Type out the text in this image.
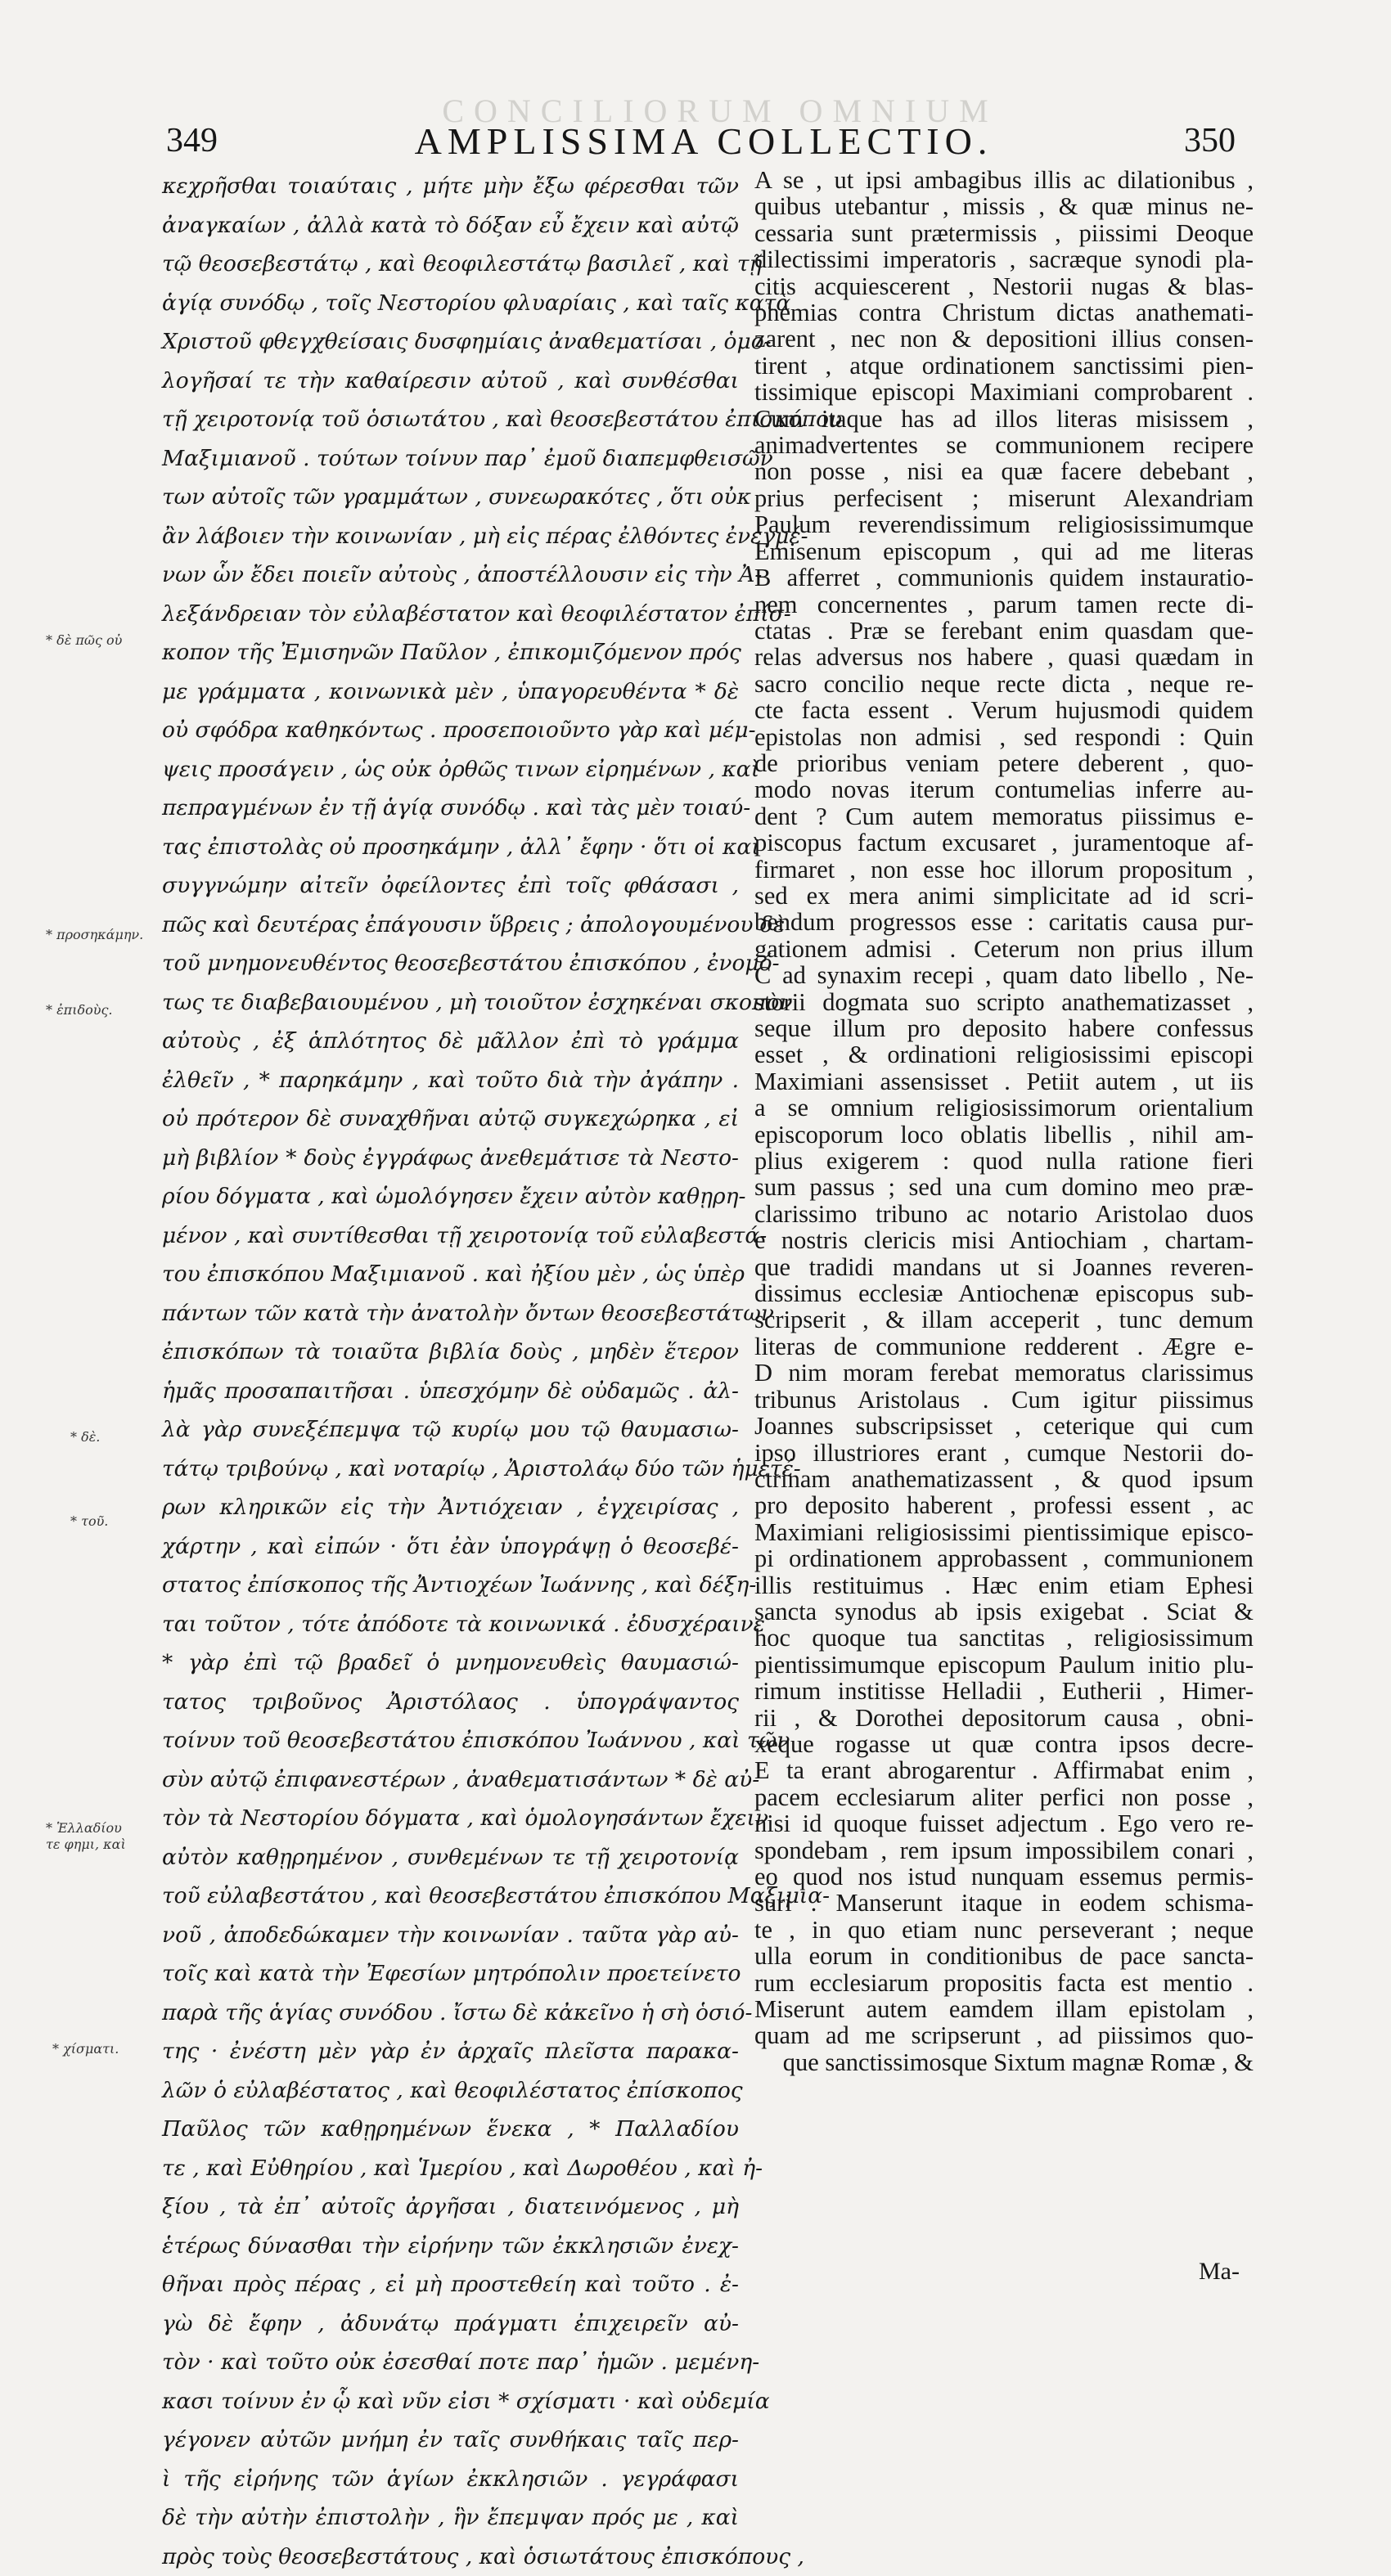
CONCILIORUM OMNIUM
349	AMPLISSIMA COLLECTIO.	350
* δὲ πῶς οὐ
* προσηκάμην.
* ἐπιδοὺς.
* δὲ.
* τοῦ.
* Ἑλλαδίου τε φημι, καὶ
* χίσματι.
κεχρῆσθαι τοιαύταις , μήτε μὴν ἔξω φέρεσθαι τῶν
ἀναγκαίων , ἀλλὰ κατὰ τὸ δόξαν εὖ ἔχειν καὶ αὐτῷ
τῷ θεοσεβεστάτῳ , καὶ θεοφιλεστάτῳ βασιλεῖ , καὶ τῇ
ἁγίᾳ συνόδῳ , τοῖς Νεστορίου φλυαρίαις , καὶ ταῖς κατὰ
Χριστοῦ φθεγχθείσαις δυσφημίαις ἀναθεματίσαι , ὁμο-
λογῆσαί τε τὴν καθαίρεσιν αὐτοῦ , καὶ συνθέσθαι
τῇ χειροτονίᾳ τοῦ ὁσιωτάτου , καὶ θεοσεβεστάτου ἐπισκόπου
Μαξιμιανοῦ . τούτων τοίνυν παρ᾿ ἐμοῦ διαπεμφθεισῶν
των αὐτοῖς τῶν γραμμάτων , συνεωρακότες , ὅτι οὐκ
ἂν λάβοιεν τὴν κοινωνίαν , μὴ εἰς πέρας ἐλθόντες ἐνεγμέ-
νων ὧν ἔδει ποιεῖν αὐτοὺς , ἀποστέλλουσιν εἰς τὴν Ἀ-
λεξάνδρειαν τὸν εὐλαβέστατον καὶ θεοφιλέστατον ἐπίσ-
κοπον τῆς Ἐμισηνῶν Παῦλον , ἐπικομιζόμενον πρός
με γράμματα , κοινωνικὰ μὲν , ὑπαγορευθέντα * δὲ
οὐ σφόδρα καθηκόντως . προσεποιοῦντο γὰρ καὶ μέμ-
ψεις προσάγειν , ὡς οὐκ ὀρθῶς τινων εἰρημένων , καὶ
πεπραγμένων ἐν τῇ ἁγίᾳ συνόδῳ . καὶ τὰς μὲν τοιαύ-
τας ἐπιστολὰς οὐ προσηκάμην , ἀλλ᾿ ἔφην · ὅτι οἱ καὶ
συγγνώμην αἰτεῖν ὀφείλοντες ἐπὶ τοῖς φθάσασι ,
πῶς καὶ δευτέρας ἐπάγουσιν ὕβρεις ; ἀπολογουμένου δὲ
τοῦ μνημονευθέντος θεοσεβεστάτου ἐπισκόπου , ἐνομό-
τως τε διαβεβαιουμένου , μὴ τοιοῦτον ἐσχηκέναι σκοπὸν
αὐτοὺς , ἐξ ἁπλότητος δὲ μᾶλλον ἐπὶ τὸ γράμμα
ἐλθεῖν , * παρηκάμην , καὶ τοῦτο διὰ τὴν ἀγάπην .
οὐ πρότερον δὲ συναχθῆναι αὐτῷ συγκεχώρηκα , εἰ
μὴ βιβλίον * δοὺς ἐγγράφως ἀνεθεμάτισε τὰ Νεστο-
ρίου δόγματα , καὶ ὡμολόγησεν ἔχειν αὐτὸν καθῃρη-
μένον , καὶ συντίθεσθαι τῇ χειροτονίᾳ τοῦ εὐλαβεστά-
του ἐπισκόπου Μαξιμιανοῦ . καὶ ἠξίου μὲν , ὡς ὑπὲρ
πάντων τῶν κατὰ τὴν ἀνατολὴν ὄντων θεοσεβεστάτων
ἐπισκόπων τὰ τοιαῦτα βιβλία δοὺς , μηδὲν ἕτερον
ἡμᾶς προσαπαιτῆσαι . ὑπεσχόμην δὲ οὐδαμῶς . ἀλ-
λὰ γὰρ συνεξέπεμψα τῷ κυρίῳ μου τῷ θαυμασιω-
τάτῳ τριβούνῳ , καὶ νοταρίῳ , Ἀριστολάῳ δύο τῶν ἡμετέ-
ρων κληρικῶν εἰς τὴν Ἀντιόχειαν , ἐγχειρίσας ,
χάρτην , καὶ εἰπών · ὅτι ἐὰν ὑπογράψῃ ὁ θεοσεβέ-
στατος ἐπίσκοπος τῆς Ἀντιοχέων Ἰωάννης , καὶ δέξη-
ται τοῦτον , τότε ἀπόδοτε τὰ κοινωνικά . ἐδυσχέραινε
* γὰρ ἐπὶ τῷ βραδεῖ ὁ μνημονευθεὶς θαυμασιώ-
τατος τριβοῦνος Ἀριστόλαος . ὑπογράψαντος
τοίνυν τοῦ θεοσεβεστάτου ἐπισκόπου Ἰωάννου , καὶ τῶν
σὺν αὐτῷ ἐπιφανεστέρων , ἀναθεματισάντων * δὲ αὐ-
τὸν τὰ Νεστορίου δόγματα , καὶ ὁμολογησάντων ἔχειν
αὐτὸν καθῃρημένον , συνθεμένων τε τῇ χειροτονίᾳ
τοῦ εὐλαβεστάτου , καὶ θεοσεβεστάτου ἐπισκόπου Μαξιμια-
νοῦ , ἀποδεδώκαμεν τὴν κοινωνίαν . ταῦτα γὰρ αὐ-
τοῖς καὶ κατὰ τὴν Ἐφεσίων μητρόπολιν προετείνετο
παρὰ τῆς ἁγίας συνόδου . ἴστω δὲ κἀκεῖνο ἡ σὴ ὁσιό-
της · ἐνέστη μὲν γὰρ ἐν ἀρχαῖς πλεῖστα παρακα-
λῶν ὁ εὐλαβέστατος , καὶ θεοφιλέστατος ἐπίσκοπος
Παῦλος τῶν καθῃρημένων ἕνεκα , * Παλλαδίου
τε , καὶ Εὐθηρίου , καὶ Ἱμερίου , καὶ Δωροθέου , καὶ ἠ-
ξίου , τὰ ἐπ᾿ αὐτοῖς ἀργῆσαι , διατεινόμενος , μὴ
ἑτέρως δύνασθαι τὴν εἰρήνην τῶν ἐκκλησιῶν ἐνεχ-
θῆναι πρὸς πέρας , εἰ μὴ προστεθείη καὶ τοῦτο . ἐ-
γὼ δὲ ἔφην , ἀδυνάτῳ πράγματι ἐπιχειρεῖν αὐ-
τὸν · καὶ τοῦτο οὐκ ἐσεσθαί ποτε παρ᾿ ἡμῶν . μεμένη-
κασι τοίνυν ἐν ᾧ καὶ νῦν εἰσι * σχίσματι · καὶ οὐδεμία
γέγονεν αὐτῶν μνήμη ἐν ταῖς συνθήκαις ταῖς περ-
ὶ τῆς εἰρήνης τῶν ἁγίων ἐκκλησιῶν . γεγράφασι
δὲ τὴν αὐτὴν ἐπιστολὴν , ἣν ἔπεμψαν πρός με , καὶ
πρὸς τοὺς θεοσεβεστάτους , καὶ ὁσιωτάτους ἐπισκόπους ,
A se , ut ipsi ambagibus illis ac dilationibus ,
quibus utebantur , missis , & quæ minus ne-
cessaria sunt prætermissis , piissimi Deoque
dilectissimi imperatoris , sacræque synodi pla-
citis acquiescerent , Nestorii nugas & blas-
phemias contra Christum dictas anathemati-
zarent , nec non & depositioni illius consen-
tirent , atque ordinationem sanctissimi pien-
tissimique episcopi Maximiani comprobarent .
Cum itaque has ad illos literas misissem ,
animadvertentes se communionem recipere
non posse , nisi ea quæ facere debebant ,
prius perfecisent ; miserunt Alexandriam
Paulum reverendissimum religiosissimumque
Emisenum episcopum , qui ad me literas
B afferret , communionis quidem instauratio-
nem concernentes , parum tamen recte di-
ctatas . Præ se ferebant enim quasdam que-
relas adversus nos habere , quasi quædam in
sacro concilio neque recte dicta , neque re-
cte facta essent . Verum hujusmodi quidem
epistolas non admisi , sed respondi : Quin
de prioribus veniam petere deberent , quo-
modo novas iterum contumelias inferre au-
dent ? Cum autem memoratus piissimus e-
piscopus factum excusaret , juramentoque af-
firmaret , non esse hoc illorum propositum ,
sed ex mera animi simplicitate ad id scri-
bendum progressos esse : caritatis causa pur-
gationem admisi . Ceterum non prius illum
C ad synaxim recepi , quam dato libello , Ne-
storii dogmata suo scripto anathematizasset ,
seque illum pro deposito habere confessus
esset , & ordinationi religiosissimi episcopi
Maximiani assensisset . Petiit autem , ut iis
a se omnium religiosissimorum orientalium
episcoporum loco oblatis libellis , nihil am-
plius exigerem : quod nulla ratione fieri
sum passus ; sed una cum domino meo præ-
clarissimo tribuno ac notario Aristolao duos
e nostris clericis misi Antiochiam , chartam-
que tradidi mandans ut si Joannes reveren-
dissimus ecclesiæ Antiochenæ episcopus sub-
scripserit , & illam acceperit , tunc demum
literas de communione redderent . Ægre e-
D nim moram ferebat memoratus clarissimus
tribunus Aristolaus . Cum igitur piissimus
Joannes subscripsisset , ceterique qui cum
ipso illustriores erant , cumque Nestorii do-
ctrinam anathematizassent , & quod ipsum
pro deposito haberent , professi essent , ac
Maximiani religiosissimi pientissimique episco-
pi ordinationem approbassent , communionem
illis restituimus . Hæc enim etiam Ephesi
sancta synodus ab ipsis exigebat . Sciat &
hoc quoque tua sanctitas , religiosissimum
pientissimumque episcopum Paulum initio plu-
rimum institisse Helladii , Eutherii , Himer-
rii , & Dorothei depositorum causa , obni-
xeque rogasse ut quæ contra ipsos decre-
E ta erant abrogarentur . Affirmabat enim ,
pacem ecclesiarum aliter perfici non posse ,
nisi id quoque fuisset adjectum . Ego vero re-
spondebam , rem ipsum impossibilem conari ,
eo quod nos istud nunquam essemus permis-
suri . Manserunt itaque in eodem schisma-
te , in quo etiam nunc perseverant ; neque
ulla eorum in conditionibus de pace sancta-
rum ecclesiarum propositis facta est mentio .
Miserunt autem eamdem illam epistolam ,
quam ad me scripserunt , ad piissimos quo-
que sanctissimosque Sixtum magnæ Romæ , &
Ma-
